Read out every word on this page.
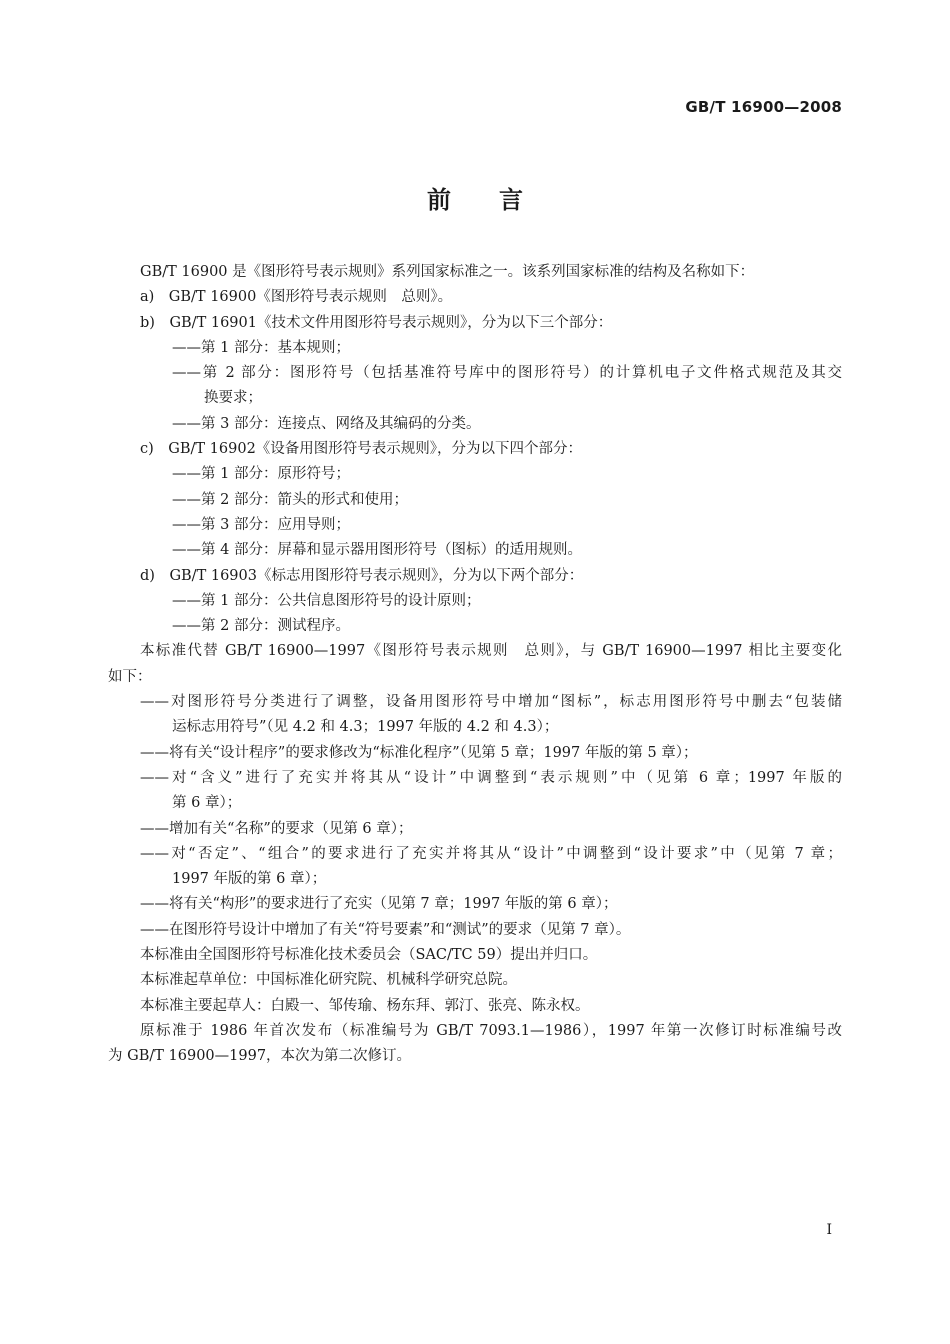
GB/T 16900—2008
前言
GB/T 16900 是《图形符号表示规则》系列国家标准之一。该系列国家标准的结构及名称如下：
a)　GB/T 16900《图形符号表示规则　总则》。
b)　GB/T 16901《技术文件用图形符号表示规则》，分为以下三个部分：
——第 1 部分：基本规则；
——第 2 部分：图形符号（包括基准符号库中的图形符号）的计算机电子文件格式规范及其交
换要求；
——第 3 部分：连接点、网络及其编码的分类。
c)　GB/T 16902《设备用图形符号表示规则》，分为以下四个部分：
——第 1 部分：原形符号；
——第 2 部分：箭头的形式和使用；
——第 3 部分：应用导则；
——第 4 部分：屏幕和显示器用图形符号（图标）的适用规则。
d)　GB/T 16903《标志用图形符号表示规则》，分为以下两个部分：
——第 1 部分：公共信息图形符号的设计原则；
——第 2 部分：测试程序。
本标准代替 GB/T 16900—1997《图形符号表示规则　总则》，与 GB/T 16900—1997 相比主要变化
如下：
——对图形符号分类进行了调整，设备用图形符号中增加“图标”，标志用图形符号中删去“包装储
运标志用符号”（见 4.2 和 4.3；1997 年版的 4.2 和 4.3）；
——将有关“设计程序”的要求修改为“标准化程序”（见第 5 章；1997 年版的第 5 章）；
——对“含义”进行了充实并将其从“设计”中调整到“表示规则”中（见第 6 章；1997 年版的
第 6 章）；
——增加有关“名称”的要求（见第 6 章）；
——对“否定”、“组合”的要求进行了充实并将其从“设计”中调整到“设计要求”中（见第 7 章；
1997 年版的第 6 章）；
——将有关“构形”的要求进行了充实（见第 7 章；1997 年版的第 6 章）；
——在图形符号设计中增加了有关“符号要素”和“测试”的要求（见第 7 章）。
本标准由全国图形符号标准化技术委员会（SAC/TC 59）提出并归口。
本标准起草单位：中国标准化研究院、机械科学研究总院。
本标准主要起草人：白殿一、邹传瑜、杨东拜、郭汀、张亮、陈永权。
原标准于 1986 年首次发布（标准编号为 GB/T 7093.1—1986），1997 年第一次修订时标准编号改
为 GB/T 16900—1997，本次为第二次修订。
I
